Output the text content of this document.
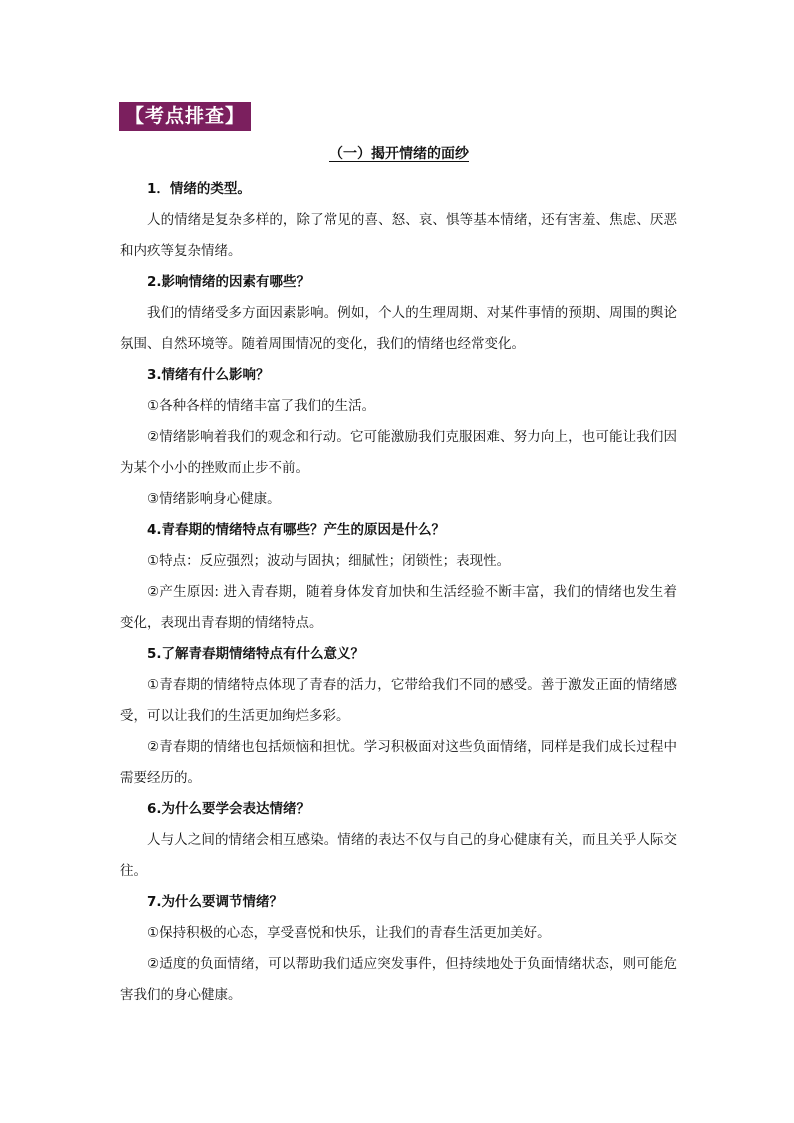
【考点排查】
（一）揭开情绪的面纱

1．情绪的类型。

人的情绪是复杂多样的，除了常见的喜、怒、哀、惧等基本情绪，还有害羞、焦虑、厌恶和内疚等复杂情绪。

2.影响情绪的因素有哪些？

我们的情绪受多方面因素影响。例如，个人的生理周期、对某件事情的预期、周围的舆论氛围、自然环境等。随着周围情况的变化，我们的情绪也经常变化。

3.情绪有什么影响？

①各种各样的情绪丰富了我们的生活。

②情绪影响着我们的观念和行动。它可能激励我们克服困难、努力向上，也可能让我们因为某个小小的挫败而止步不前。

③情绪影响身心健康。

4.青春期的情绪特点有哪些？产生的原因是什么？

①特点：反应强烈；波动与固执；细腻性；闭锁性；表现性。

②产生原因: 进入青春期，随着身体发育加快和生活经验不断丰富，我们的情绪也发生着变化，表现出青春期的情绪特点。

5.了解青春期情绪特点有什么意义？

①青春期的情绪特点体现了青春的活力，它带给我们不同的感受。善于激发正面的情绪感受，可以让我们的生活更加绚烂多彩。

②青春期的情绪也包括烦恼和担忧。学习积极面对这些负面情绪，同样是我们成长过程中需要经历的。

6.为什么要学会表达情绪？

人与人之间的情绪会相互感染。情绪的表达不仅与自己的身心健康有关，而且关乎人际交往。

7.为什么要调节情绪？

①保持积极的心态，享受喜悦和快乐，让我们的青春生活更加美好。

②适度的负面情绪，可以帮助我们适应突发事件，但持续地处于负面情绪状态，则可能危害我们的身心健康。
